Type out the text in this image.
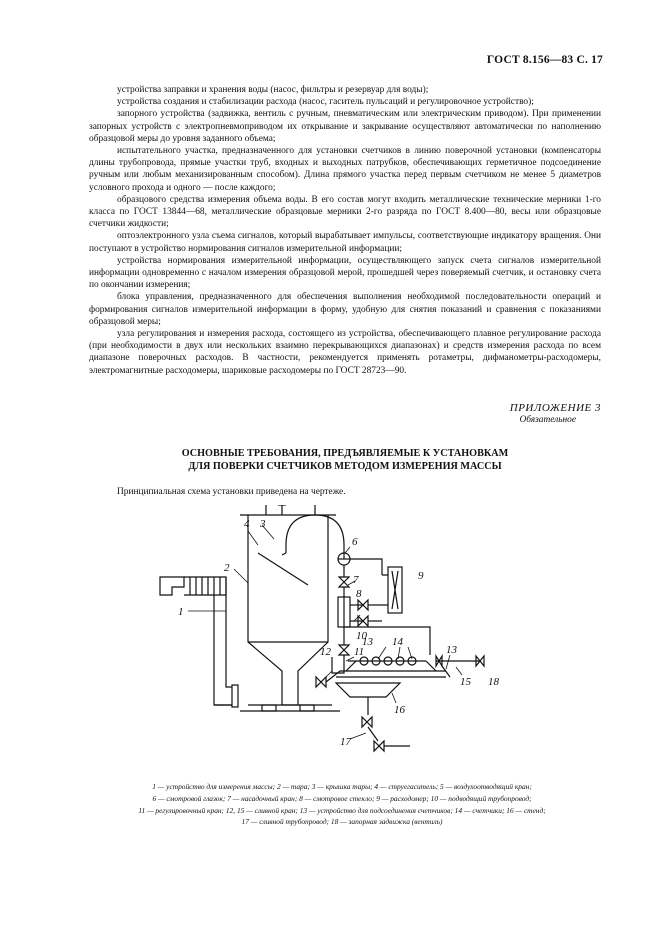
ГОСТ 8.156—83 С. 17

устройства заправки и хранения воды (насос, фильтры и резервуар для воды);

устройства создания и стабилизации расхода (насос, гаситель пульсаций и регулировочное устройство);

запорного устройства (задвижка, вентиль с ручным, пневматическим или электрическим приводом). При применении запорных устройств с электропневмоприводом их открывание и закрывание осуществляют автоматически по наполнению образцовой меры до уровня заданного объема;

испытательного участка, предназначенного для установки счетчиков в линию поверочной установки (компенсаторы длины трубопровода, прямые участки труб, входных и выходных патрубков, обеспечивающих герметичное подсоединение ручным или любым механизированным способом). Длина прямого участка перед первым счетчиком не менее 5 диаметров условного прохода и одного — после каждого;

образцового средства измерения объема воды. В его состав могут входить металлические технические мерники 1-го класса по ГОСТ 13844—68, металлические образцовые мерники 2-го разряда по ГОСТ 8.400—80, весы или образцовые счетчики жидкости;

оптоэлектронного узла съема сигналов, который вырабатывает импульсы, соответствующие индикатору вращения. Они поступают в устройство нормирования сигналов измерительной информации;

устройства нормирования измерительной информации, осуществляющего запуск счета сигналов измерительной информации одновременно с началом измерения образцовой мерой, прошедшей через поверяемый счетчик, и остановку счета по окончании измерения;

блока управления, предназначенного для обеспечения выполнения необходимой последовательности операций и формирования сигналов измерительной информации в форму, удобную для снятия показаний и сравнения с показаниями образцовой меры;

узла регулирования и измерения расхода, состоящего из устройства, обеспечивающего плавное регулирование расхода (при необходимости в двух или нескольких взаимно перекрывающихся диапазонах) и средств измерения расхода по всем диапазоне поверочных расходов. В частности, рекомендуется применять ротаметры, дифманометры-расходомеры, электромагнитные расходомеры, шариковые расходомеры по ГОСТ 28723—90.

ПРИЛОЖЕНИЕ 3
Обязательное
ОСНОВНЫЕ ТРЕБОВАНИЯ, ПРЕДЪЯВЛЯЕМЫЕ К УСТАНОВКАМ
ДЛЯ ПОВЕРКИ СЧЕТЧИКОВ МЕТОДОМ ИЗМЕРЕНИЯ МАССЫ
Принципиальная схема установки приведена на чертеже.
1
2
3
4
6
7
8
9
10
11
12
13
13
14
15
16
17
18
1 — устройство для измерения массы; 2 — тара; 3 — крышка тары; 4 — струегаситель; 5 — воздухоотводящий кран;
6 — смотровой глазок; 7 — насадочный кран; 8 — смотровое стекло; 9 — расходомер; 10 — подводящий трубопровод;
11 — регулировочный кран; 12, 15 — сливной кран; 13 — устройство для подсоединения счетчиков; 14 — счетчики; 16 — стенд;
17 — сливной трубопровод; 18 — запорная задвижка (вентиль)
